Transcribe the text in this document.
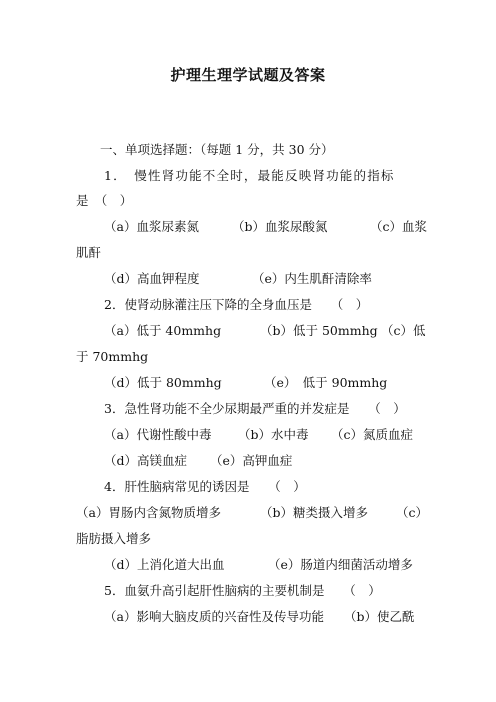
护理生理学试题及答案
一、单项选择题：（每题 1 分，共 30 分）
1．　慢性肾功能不全时，最能反映肾功能的指标
是　（　）
（a）血浆尿素氮	（b）血浆尿酸氮	（c）血浆
肌酐
（d）高血钾程度	（e）内生肌酐清除率
2．使肾动脉灌注压下降的全身血压是　　（　）
（a）低于 40mmhg	（b）低于 50mmhg （c）低
于 70mmhg
（d）低于 80mmhg	（e）　低于 90mmhg
3．急性肾功能不全少尿期最严重的并发症是　　（　）
（a）代谢性酸中毒 （b）水中毒 （c）氮质血症
（d）高镁血症 （e）高钾血症
4．肝性脑病常见的诱因是　　（　）
（a）胃肠内含氮物质增多	（b）糖类摄入增多 （c）
脂肪摄入增多
（d）上消化道大出血	（e）肠道内细菌活动增多
5．血氨升高引起肝性脑病的主要机制是　　（　）
（a）影响大脑皮质的兴奋性及传导功能 （b）使乙酰
